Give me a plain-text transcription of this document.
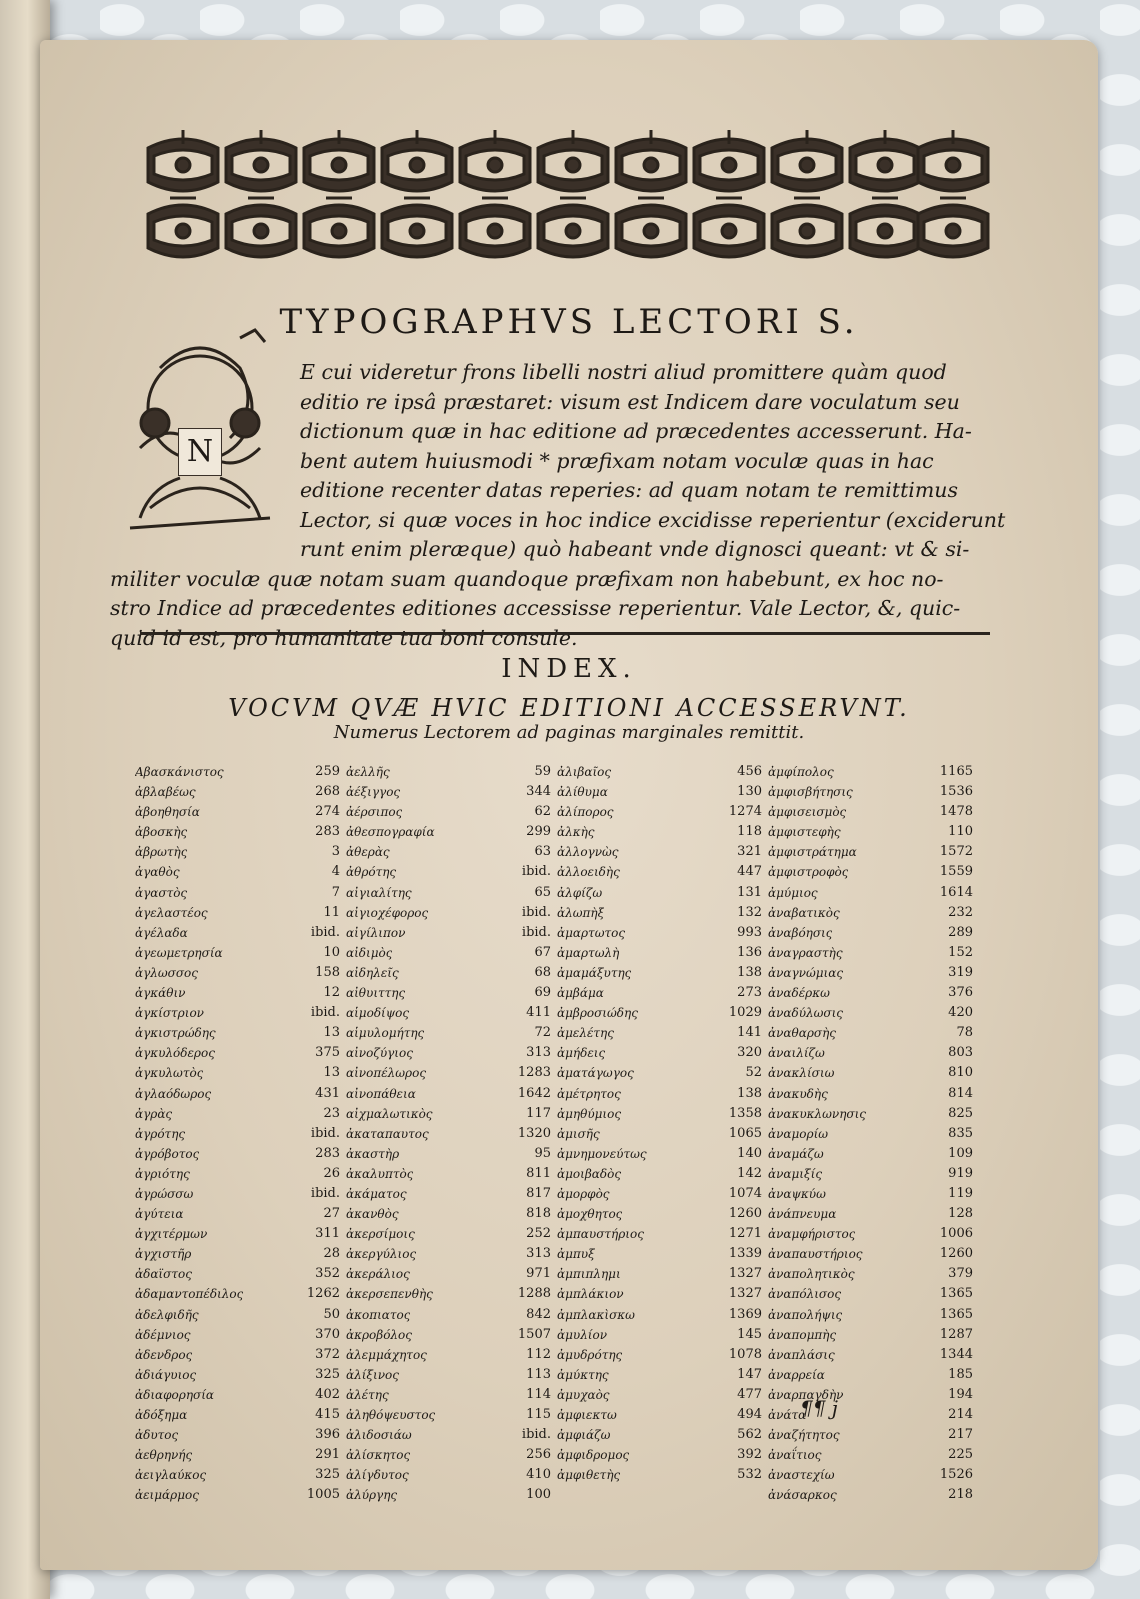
TYPOGRAPHVS LECTORI S.
N
E cui videretur frons libelli nostri aliud promittere quàm quod
editio re ipsâ præstaret: visum est Indicem dare voculatum seu
dictionum quæ in hac editione ad præcedentes accesserunt. Ha-
bent autem huiusmodi * præfixam notam voculæ quas in hac
editione recenter datas reperies: ad quam notam te remittimus
Lector, si quæ voces in hoc indice excidisse reperientur (exciderunt
runt enim pleræque) quò habeant vnde dignosci queant: vt & si-
militer voculæ quæ notam suam quandoque præfixam non habebunt, ex hoc no-
stro Indice ad præcedentes editiones accessisse reperientur. Vale Lector, &, quic-
quid id est, pro humanitate tua boni consule.
INDEX.
VOCVM QVÆ HVIC EDITIONI ACCESSERVNT.
Numerus Lectorem ad paginas marginales remittit.
Αβασκάνιστος	259
ἀβλαβέως	268
ἀβοηθησία	274
ἀβοσκὴς	283
ἀβρωτὴς	3
ἀγαθὸς	4
ἀγαστὸς	7
ἀγελαστέος	11
ἀγέλαδα	ibid.
ἀγεωμετρησία	10
ἀγλωσσος	158
ἀγκάθιν	12
ἀγκίστριον	ibid.
ἀγκιστρώδης	13
ἀγκυλόδερος	375
ἀγκυλωτὸς	13
ἀγλαόδωρος	431
ἀγρὰς	23
ἀγρότης	ibid.
ἀγρόβοτος	283
ἀγριότης	26
ἀγρώσσω	ibid.
ἀγύτεια	27
ἀγχιτέρμων	311
ἀγχιστῆρ	28
ἀδαϊστος	352
ἀδαμαντοπέδιλος	1262
ἀδελφιδῆς	50
ἀδέμνιος	370
ἀδενδρος	372
ἀδιάγυιος	325
ἀδιαφορησία	402
ἀδόξημα	415
ἀδυτος	396
ἀεθρηνής	291
ἀειγλαύκος	325
ἀειμάρμος	1005
ἀελλῆς	59
ἀέξιγγος	344
ἀέρσιπος	62
ἀθεσπογραφία	299
ἀθερὰς	63
ἀθρότης	ibid.
αἰγιαλίτης	65
αἰγιοχέφορος	ibid.
αἰγίλιπον	ibid.
αἰδιμὸς	67
αἰδηλεῖς	68
αἰθυιττης	69
αἱμοδίψος	411
αἱμυλομήτης	72
αἰνοζύγιος	313
αἰνοπέλωρος	1283
αἰνοπάθεια	1642
αἰχμαλωτικὸς	117
ἀκαταπαυτος	1320
ἀκαστὴρ	95
ἀκαλυπτὸς	811
ἀκάματος	817
ἀκανθὸς	818
ἀκερσίμοις	252
ἀκεργύλιος	313
ἀκεράλιος	971
ἀκερσεπενθὴς	1288
ἀκοπιατος	842
ἀκροβόλος	1507
ἀλεμμάχητος	112
ἀλίξινος	113
ἀλέτης	114
ἀληθόψευστος	115
ἀλιδοσιάω	ibid.
ἀλίσκητος	256
ἀλίγδυτος	410
ἀλύργης	100
ἀλιβαῖος	456
ἀλίθυμα	130
ἀλίπορος	1274
ἀλκὴς	118
ἀλλογνὼς	321
ἀλλοειδὴς	447
ἀλφίζω	131
ἀλωπὴξ	132
ἀμαρτωτος	993
ἀμαρτωλὴ	136
ἀμαμάξυτης	138
ἀμβάμα	273
ἀμβροσιώδης	1029
ἀμελέτης	141
ἀμήδεις	320
ἀματάγωγος	52
ἀμέτρητος	138
ἀμηθύμιος	1358
ἀμισῆς	1065
ἀμνημονεύτως	140
ἀμοιβαδὸς	142
ἀμορφὸς	1074
ἀμοχθητος	1260
ἀμπαυστήριος	1271
ἀμπυξ	1339
ἀμπιπλημι	1327
ἀμπλάκιον	1327
ἀμπλακὶσκω	1369
ἀμυλίον	145
ἀμυδρότης	1078
ἀμύκτης	147
ἀμυχαὸς	477
ἀμφιεκτω	494
ἀμφιάζω	562
ἀμφιδρομος	392
ἀμφιθετὴς	532
ἀμφίπολος	1165
ἀμφισβήτησις	1536
ἀμφισεισμὸς	1478
ἀμφιστεφὴς	110
ἀμφιστράτημα	1572
ἀμφιστροφὸς	1559
ἀμύμιος	1614
ἀναβατικὸς	232
ἀναβόησις	289
ἀναγραστὴς	152
ἀναγνώμιας	319
ἀναδέρκω	376
ἀναδύλωσις	420
ἀναθαρσὴς	78
ἀναιλίζω	803
ἀνακλίσιω	810
ἀνακυδὴς	814
ἀνακυκλωνησις	825
ἀναμορίω	835
ἀναμάζω	109
ἀναμιξίς	919
ἀναψκύω	119
ἀνάπνευμα	128
ἀναμφήριστος	1006
ἀναπαυστήριος	1260
ἀναπολητικὸς	379
ἀναπόλισος	1365
ἀναπολήψις	1365
ἀναπομπὴς	1287
ἀναπλάσις	1344
ἀναρρεία	185
ἀναρπαγδὴν	194
ἀνάτα	214
ἀναζήτητος	217
ἀναΐτιος	225
ἀναστεχίω	1526
ἀνάσαρκος	218
¶¶ j
